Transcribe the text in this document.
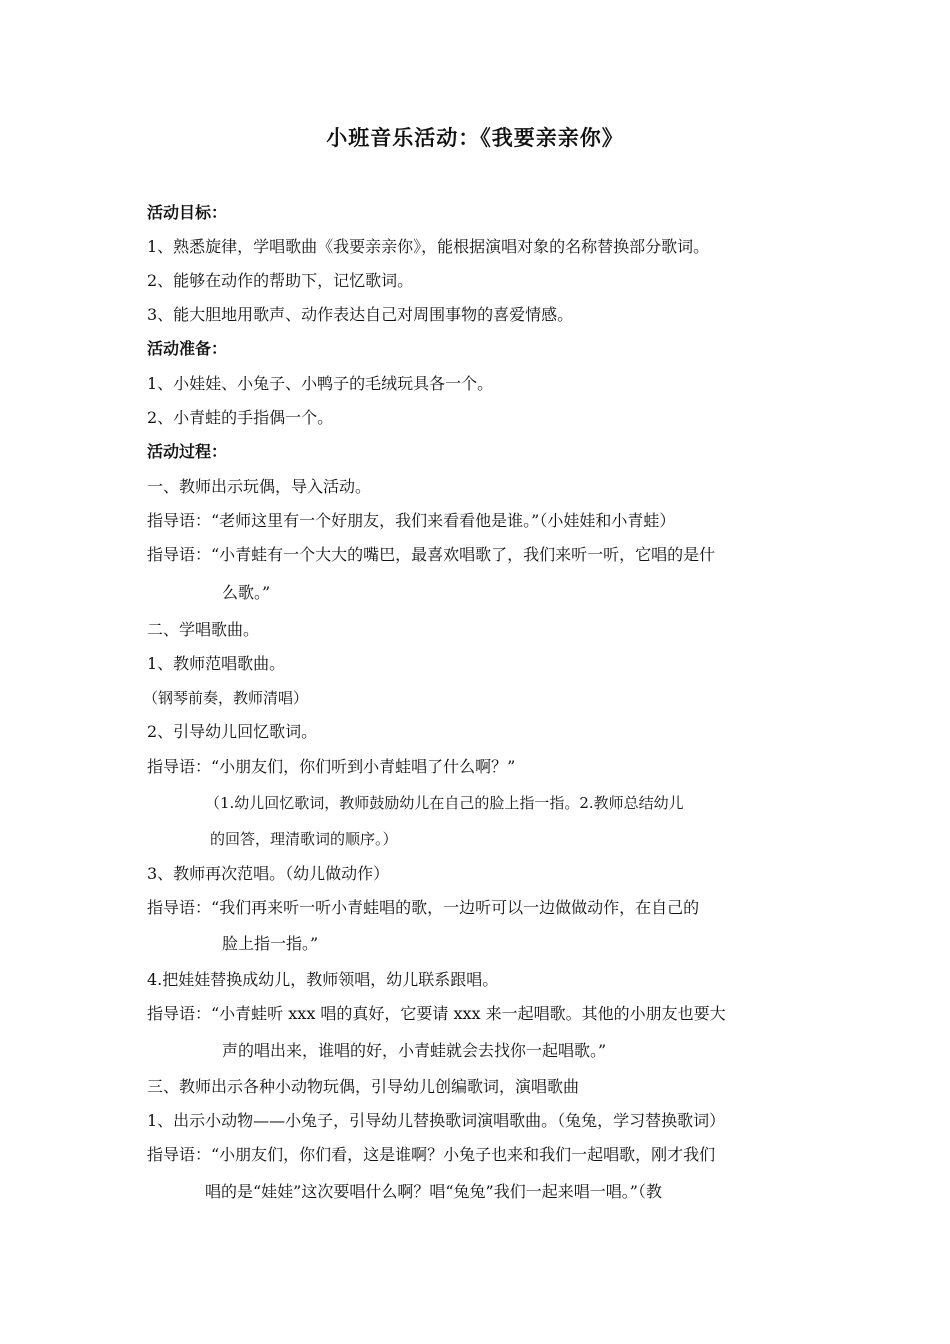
小班音乐活动：《我要亲亲你》
活动目标：
1、熟悉旋律，学唱歌曲《我要亲亲你》，能根据演唱对象的名称替换部分歌词。
2、能够在动作的帮助下，记忆歌词。
3、能大胆地用歌声、动作表达自己对周围事物的喜爱情感。
活动准备：
1、小娃娃、小兔子、小鸭子的毛绒玩具各一个。
2、小青蛙的手指偶一个。
活动过程：
一、教师出示玩偶，导入活动。
指导语：“老师这里有一个好朋友，我们来看看他是谁。”（小娃娃和小青蛙）
指导语：“小青蛙有一个大大的嘴巴，最喜欢唱歌了，我们来听一听，它唱的是什
么歌。”
二、学唱歌曲。
1、教师范唱歌曲。
（钢琴前奏，教师清唱）
2、引导幼儿回忆歌词。
指导语：“小朋友们，你们听到小青蛙唱了什么啊？”
（1.幼儿回忆歌词，教师鼓励幼儿在自己的脸上指一指。2.教师总结幼儿
的回答，理清歌词的顺序。）
3、教师再次范唱。（幼儿做动作）
指导语：“我们再来听一听小青蛙唱的歌，一边听可以一边做做动作，在自己的
脸上指一指。”
4.把娃娃替换成幼儿，教师领唱，幼儿联系跟唱。
指导语：“小青蛙听 xxx 唱的真好，它要请 xxx 来一起唱歌。其他的小朋友也要大
声的唱出来，谁唱的好，小青蛙就会去找你一起唱歌。”
三、教师出示各种小动物玩偶，引导幼儿创编歌词，演唱歌曲
1、出示小动物——小兔子，引导幼儿替换歌词演唱歌曲。（兔兔，学习替换歌词）
指导语：“小朋友们，你们看，这是谁啊？小兔子也来和我们一起唱歌，刚才我们
唱的是“娃娃”这次要唱什么啊？唱“兔兔”我们一起来唱一唱。”（教
